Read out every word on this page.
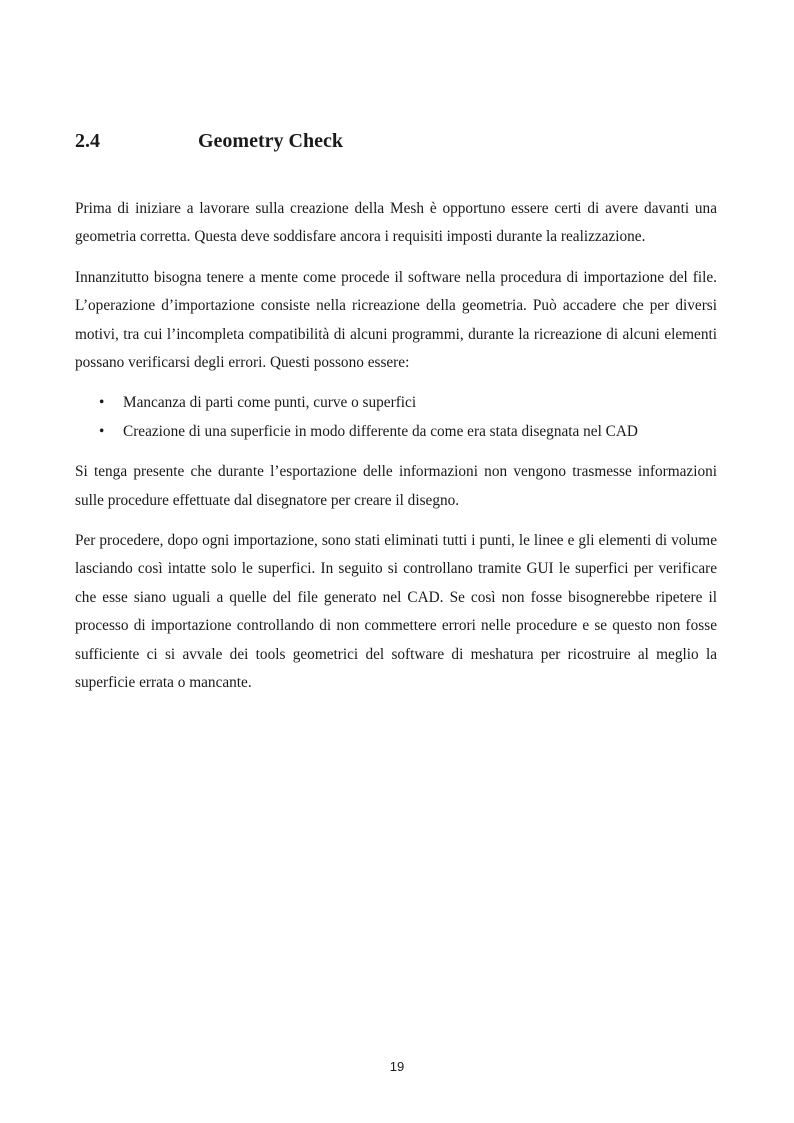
2.4	Geometry Check

Prima di iniziare a lavorare sulla creazione della Mesh è opportuno essere certi di avere davanti una geometria corretta. Questa deve soddisfare ancora i requisiti imposti durante la realizzazione.

Innanzitutto bisogna tenere a mente come procede il software nella procedura di importazione del file. L’operazione d’importazione consiste nella ricreazione della geometria. Può accadere che per diversi motivi, tra cui l’incompleta compatibilità di alcuni programmi, durante la ricreazione di alcuni elementi possano verificarsi degli errori. Questi possono essere:

• Mancanza di parti come punti, curve o superfici
• Creazione di una superficie in modo differente da come era stata disegnata nel CAD

Si tenga presente che durante l’esportazione delle informazioni non vengono trasmesse informazioni sulle procedure effettuate dal disegnatore per creare il disegno.

Per procedere, dopo ogni importazione, sono stati eliminati tutti i punti, le linee e gli elementi di volume lasciando così intatte solo le superfici. In seguito si controllano tramite GUI le superfici per verificare che esse siano uguali a quelle del file generato nel CAD. Se così non fosse bisognerebbe ripetere il processo di importazione controllando di non commettere errori nelle procedure e se questo non fosse sufficiente ci si avvale dei tools geometrici del software di meshatura per ricostruire al meglio la superficie errata o mancante.

19
